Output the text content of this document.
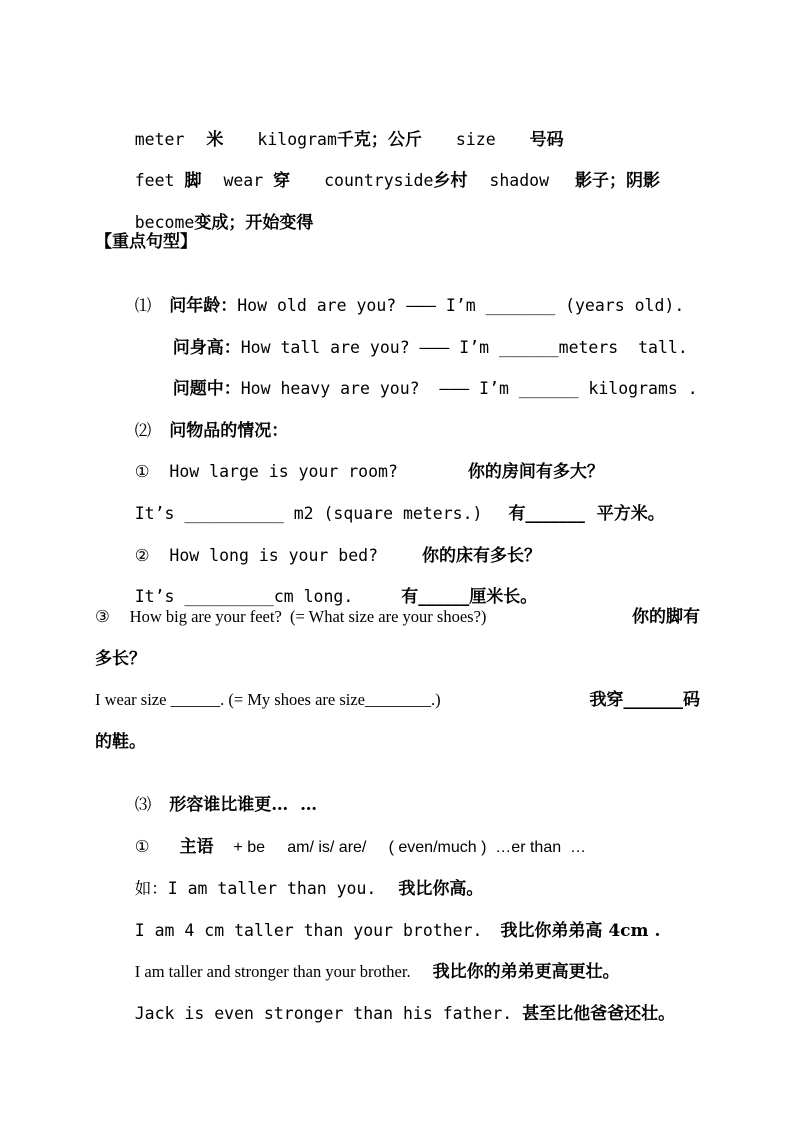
meter 米 kilogram千克；公斤 size 号码

feet 脚 wear 穿 countryside乡村 shadow 影子；阴影

become变成；开始变得

【重点句型】

⑴ 问年龄：How old are you? ——— I’m _______ (years old).

问身高：How tall are you? ——— I’m ______meters  tall.

问题中：How heavy are you?  ——— I’m ______ kilograms .

⑵ 问物品的情况：

① How large is your room?	你的房间有多大？

It’s __________ m2 (square meters.) 有_______  平方米。

② How long is your bed?	你的床有多长？

It’s _________cm long.	有______厘米长。

③ How big are your feet?  (= What size are your shoes?)	你的脚有
多长？
I wear size ______. (= My shoes are size________.)	我穿_______码
的鞋。

⑶ 形容谁比谁更…  …

① 主语 + be     am/ is/ are/     ( even/much )  …er than  …

如：I am taller than you. 我比你高。

I am 4 cm taller than your brother. 我比你弟弟高 4cm .

I am taller and stronger than your brother. 我比你的弟弟更高更壮。

Jack is even stronger than his father. 甚至比他爸爸还壮。
